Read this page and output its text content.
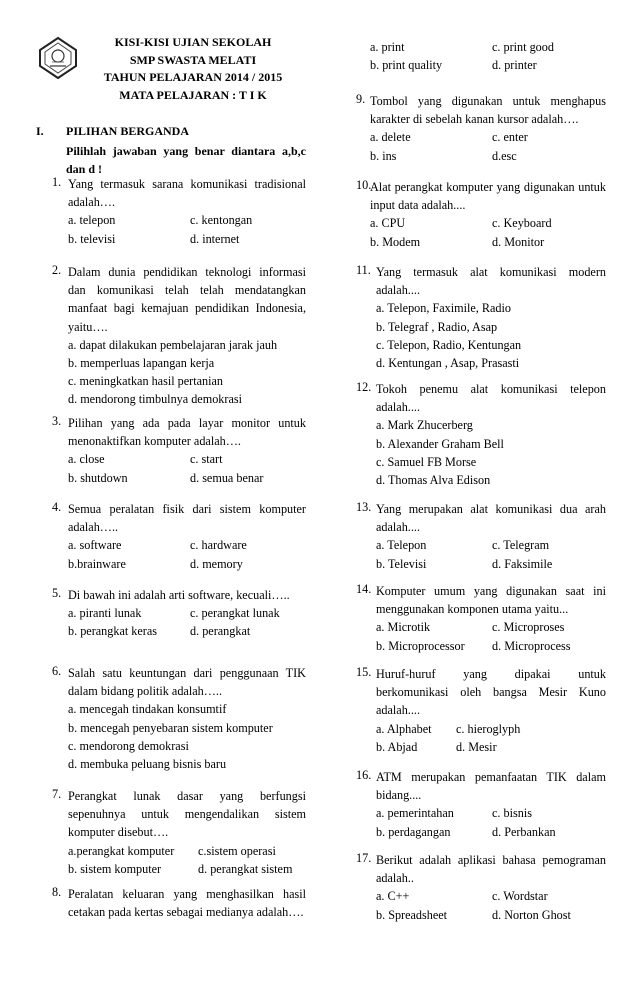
KISI-KISI UJIAN SEKOLAH
SMP SWASTA MELATI
TAHUN PELAJARAN 2014 / 2015
MATA PELAJARAN : T I K
I. PILIHAN BERGANDA
Pilihlah jawaban yang benar diantara a,b,c dan d !
1. Yang termasuk sarana komunikasi tradisional adalah….
a. telepon	c. kentongan
b. televisi	d. internet
2. Dalam dunia pendidikan teknologi informasi dan komunikasi telah telah mendatangkan manfaat bagi kemajuan pendidikan Indonesia, yaitu….
a. dapat dilakukan pembelajaran jarak jauh
b. memperluas lapangan kerja
c. meningkatkan hasil pertanian
d. mendorong timbulnya demokrasi
3. Pilihan yang ada pada layar monitor untuk menonaktifkan komputer adalah….
a. close	c. start
b. shutdown	d. semua benar
4. Semua peralatan fisik dari sistem komputer adalah…..
a. software	c. hardware
b.brainware	d. memory
5. Di bawah ini adalah arti software, kecuali…..
a. piranti lunak	c. perangkat lunak
b. perangkat keras	d. perangkat
6. Salah satu keuntungan dari penggunaan TIK dalam bidang politik adalah…..
a. mencegah tindakan konsumtif
b. mencegah penyebaran sistem komputer
c. mendorong demokrasi
d. membuka peluang bisnis baru
7. Perangkat lunak dasar yang berfungsi sepenuhnya untuk mengendalikan sistem komputer disebut….
a.perangkat komputer c.sistem operasi
b. sistem komputer	d. perangkat sistem
a. print	c. print good
b. print quality	d. printer
8. Peralatan keluaran yang menghasilkan hasil cetakan pada kertas sebagai medianya adalah….
9. Tombol yang digunakan untuk menghapus karakter di sebelah kanan kursor adalah….
a. delete	c. enter
b. ins	d.esc
10.
Alat perangkat komputer yang digunakan untuk input data adalah....
a. CPU	c. Keyboard
b. Modem	d. Monitor
11. Yang termasuk alat komunikasi modern adalah....
a. Telepon, Faximile, Radio
b. Telegraf , Radio, Asap
c. Telepon, Radio, Kentungan
d. Kentungan , Asap, Prasasti
12. Tokoh penemu alat komunikasi telepon adalah....
a. Mark Zhucerberg
b. Alexander Graham Bell
c. Samuel FB Morse
d. Thomas Alva Edison
13. Yang merupakan alat komunikasi dua arah adalah....
a. Telepon	c. Telegram
b. Televisi	d. Faksimile
14. Komputer umum yang digunakan saat ini menggunakan komponen utama yaitu...
a. Microtik	c. Microproses
b. Microprocessor d. Microprocess
15. Huruf-huruf yang dipakai untuk berkomunikasi oleh bangsa Mesir Kuno adalah....
a. Alphabet c. hieroglyph
b. Abjad	d. Mesir
16. ATM merupakan pemanfaatan TIK dalam bidang....
a. pemerintahan	c. bisnis
b. perdagangan	d. Perbankan
17. Berikut adalah aplikasi bahasa pemograman adalah..
a. C++	c. Wordstar
b. Spreadsheet	d. Norton Ghost
